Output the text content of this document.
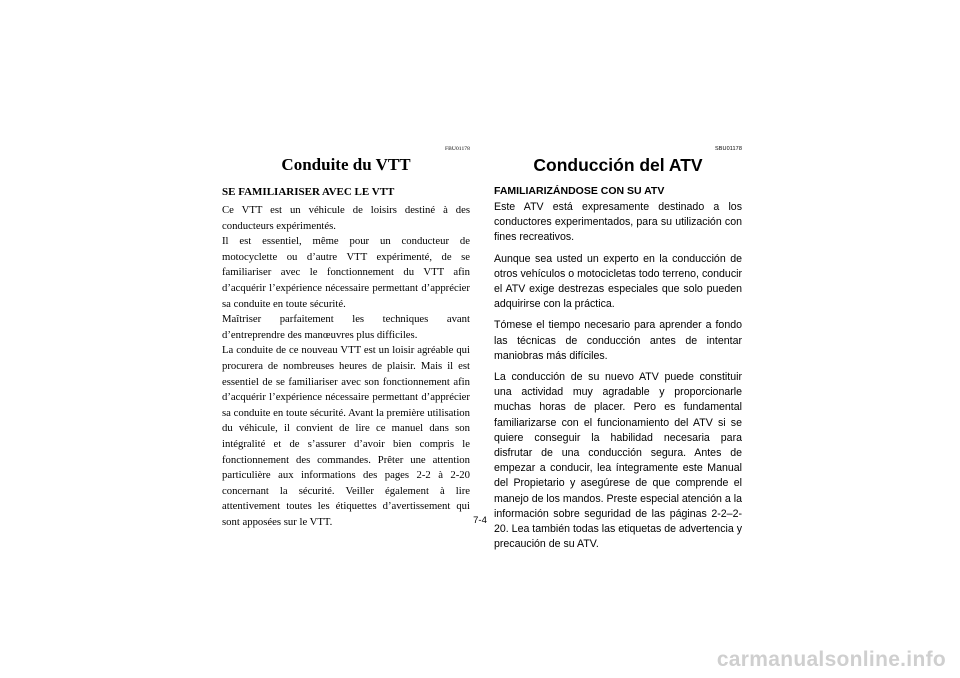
FBU01178
Conduite du VTT
SE FAMILIARISER AVEC LE VTT

Ce VTT est un véhicule de loisirs destiné à des conducteurs expérimentés.

Il est essentiel, même pour un conducteur de motocyclette ou d’autre VTT expérimenté, de se familiariser avec le fonctionnement du VTT afin d’acquérir l’expérience nécessaire permettant d’apprécier sa conduite en toute sécurité.

Maîtriser parfaitement les techniques avant d’entreprendre des manœuvres plus difficiles.

La conduite de ce nouveau VTT est un loisir agréable qui procurera de nombreuses heures de plaisir. Mais il est essentiel de se familiariser avec son fonctionnement afin d’acquérir l’expérience nécessaire permettant d’apprécier sa conduite en toute sécurité. Avant la première utilisation du véhicule, il convient de lire ce manuel dans son intégralité et de s’assurer d’avoir bien compris le fonctionnement des commandes. Prêter une attention particulière aux informations des pages 2-2 à 2-20 concernant la sécurité. Veiller également à lire attentivement toutes les étiquettes d’avertissement qui sont apposées sur le VTT.

SBU01178
Conducción del ATV
FAMILIARIZÁNDOSE CON SU ATV

Este ATV está expresamente destinado a los conductores experimentados, para su utilización con fines recreativos.

Aunque sea usted un experto en la conducción de otros vehículos o motocicletas todo terreno, conducir el ATV exige destrezas especiales que solo pueden adquirirse con la práctica.

Tómese el tiempo necesario para aprender a fondo las técnicas de conducción antes de intentar maniobras más difíciles.

La conducción de su nuevo ATV puede constituir una actividad muy agradable y proporcionarle muchas horas de placer. Pero es fundamental familiarizarse con el funcionamiento del ATV si se quiere conseguir la habilidad necesaria para disfrutar de una conducción segura. Antes de empezar a conducir, lea íntegramente este Manual del Propietario y asegúrese de que comprende el manejo de los mandos. Preste especial atención a la información sobre seguridad de las páginas 2-2–2-20. Lea también todas las etiquetas de advertencia y precaución de su ATV.

7-4
carmanualsonline.info
